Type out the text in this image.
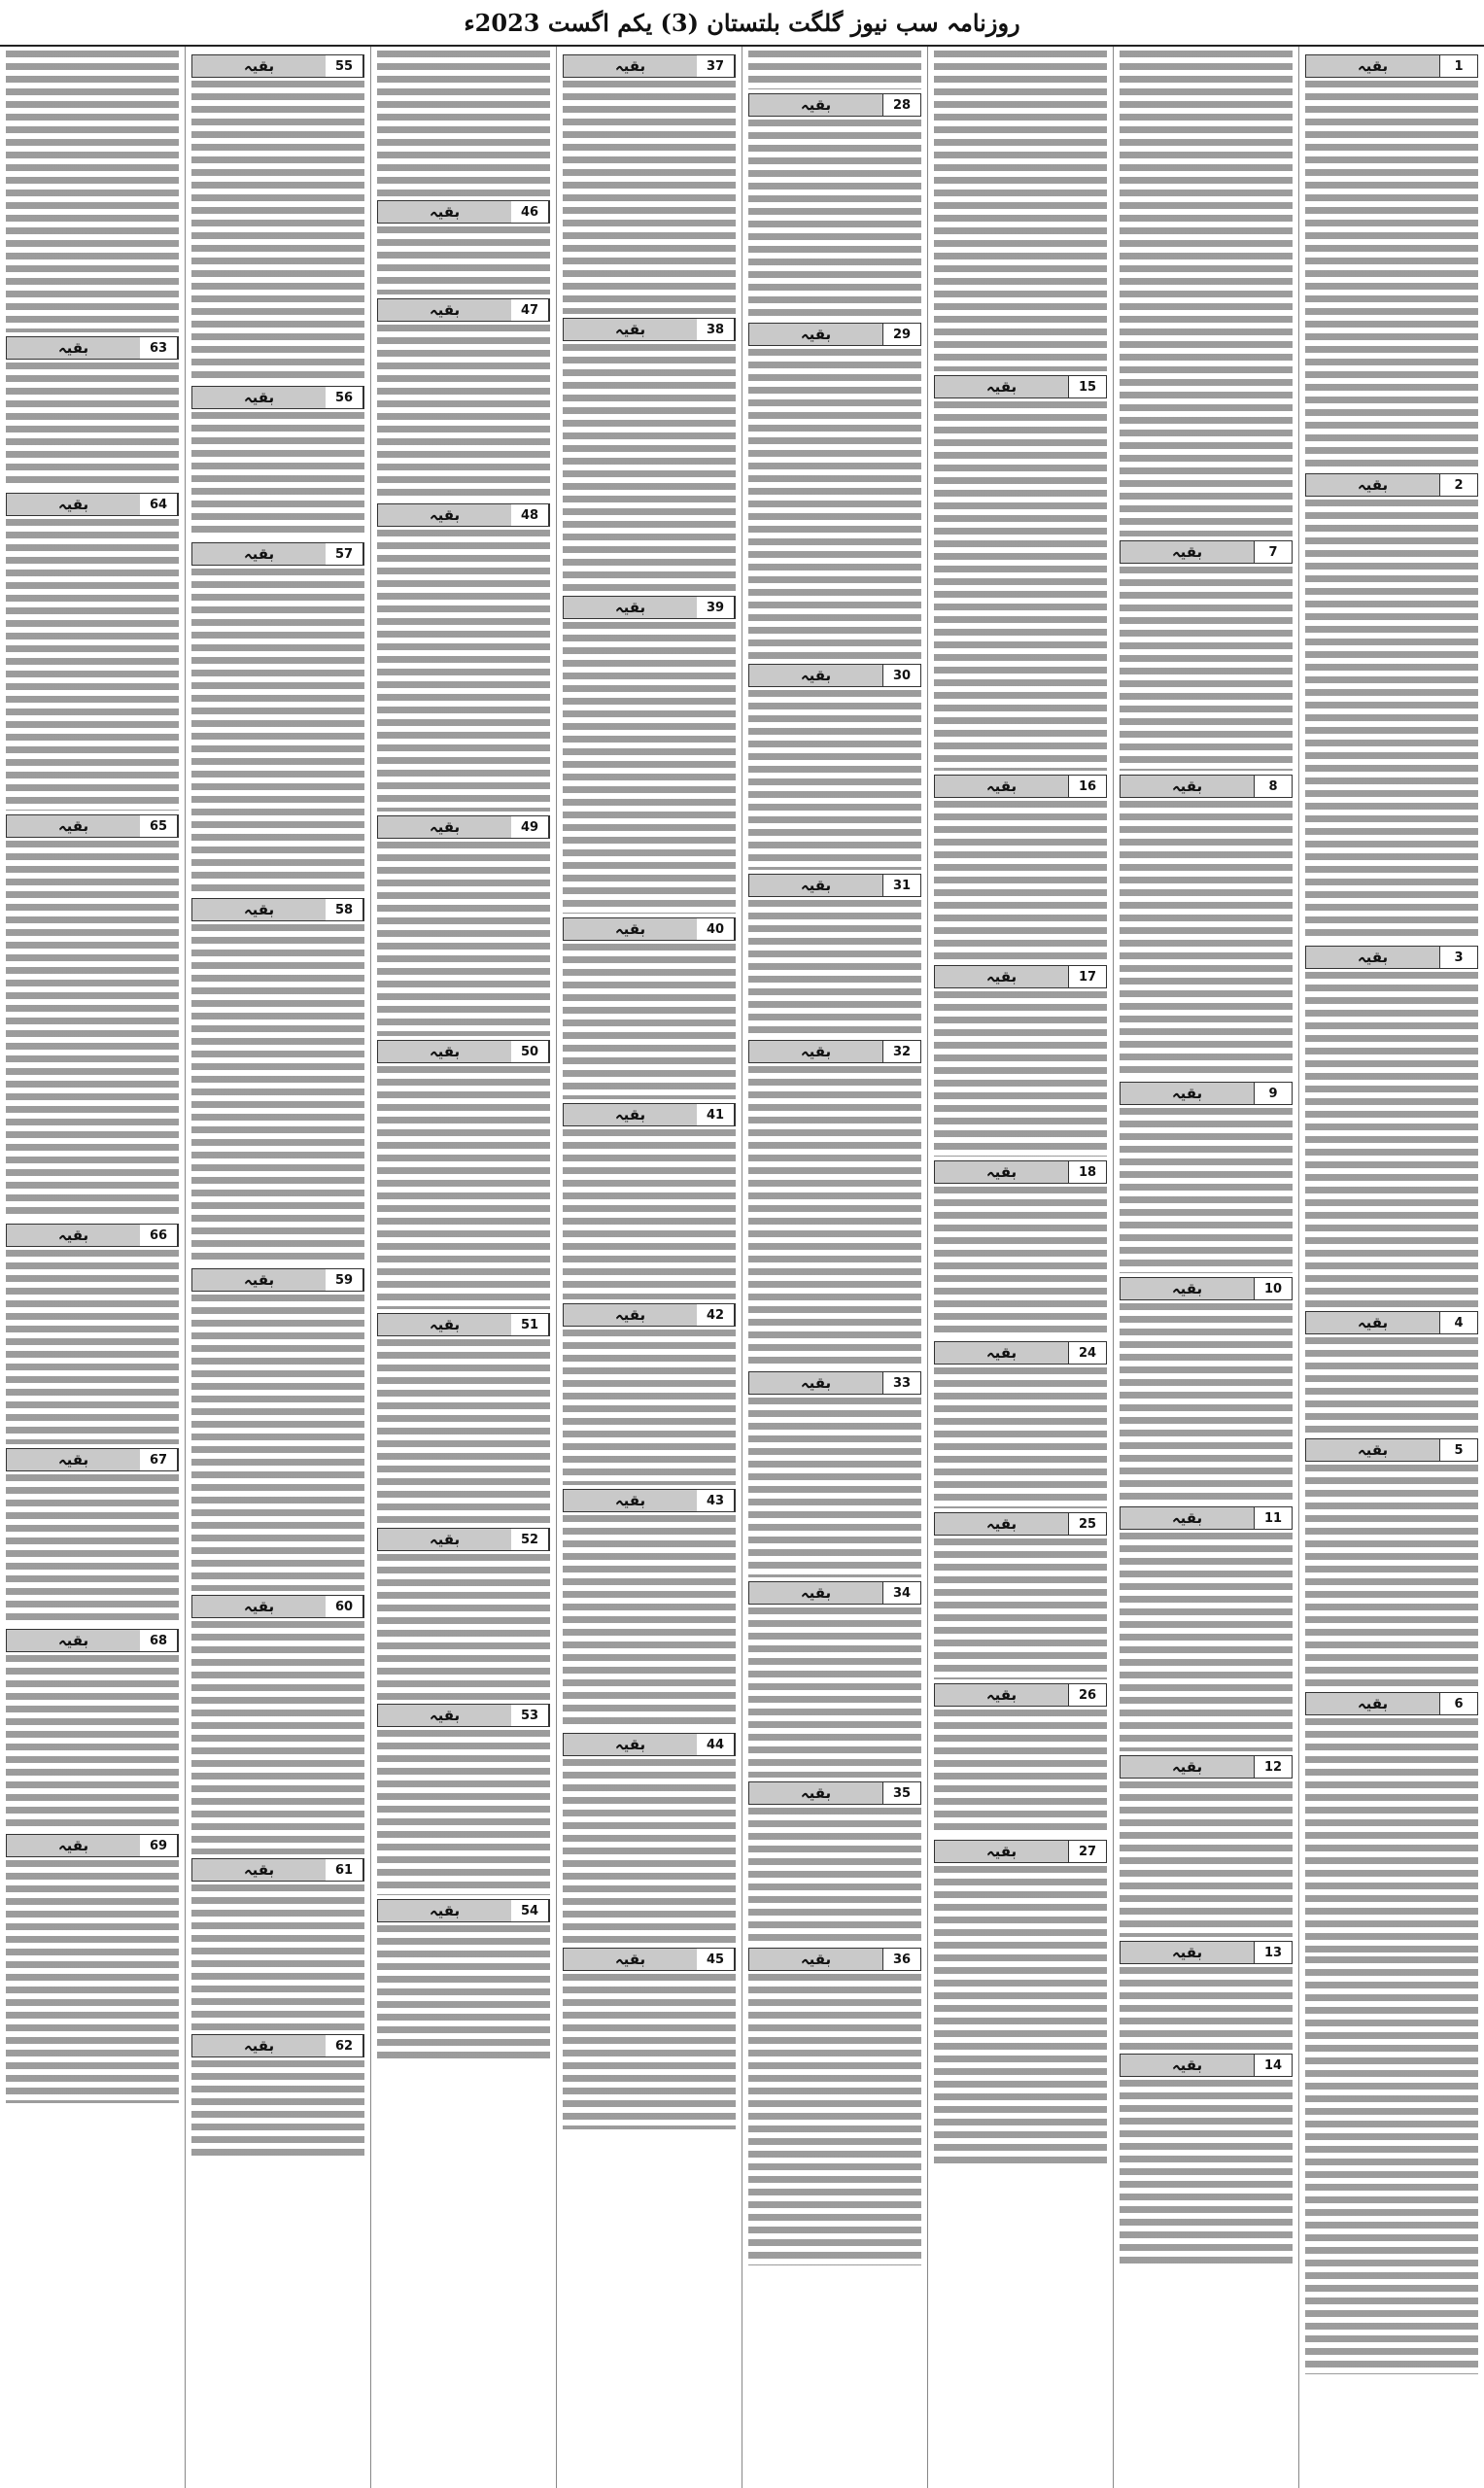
روزنامہ سب نیوز گلگت بلتستان (3) یکم اگست 2023ء
بقیہ	1
بقیہ	2
بقیہ	3
بقیہ	4
بقیہ	5
بقیہ	6
بقیہ	7
بقیہ	8
بقیہ	9
بقیہ	10
بقیہ	11
بقیہ	12
بقیہ	13
بقیہ	14
بقیہ	15
بقیہ	16
بقیہ	17
بقیہ	18
بقیہ	24
بقیہ	25
بقیہ	26
بقیہ	27
بقیہ	28
بقیہ	29
بقیہ	30
بقیہ	31
بقیہ	32
بقیہ	33
بقیہ	34
بقیہ	35
بقیہ	36
بقیہ	37
بقیہ	38
بقیہ	39
بقیہ	40
بقیہ	41
بقیہ	42
بقیہ	43
بقیہ	44
بقیہ	45
بقیہ	46
بقیہ	47
بقیہ	48
بقیہ	49
بقیہ	50
بقیہ	51
بقیہ	52
بقیہ	53
بقیہ	54
بقیہ	55
بقیہ	56
بقیہ	57
بقیہ	58
بقیہ	59
بقیہ	60
بقیہ	61
بقیہ	62
بقیہ	63
بقیہ	64
بقیہ	65
بقیہ	66
بقیہ	67
بقیہ	68
بقیہ	69
